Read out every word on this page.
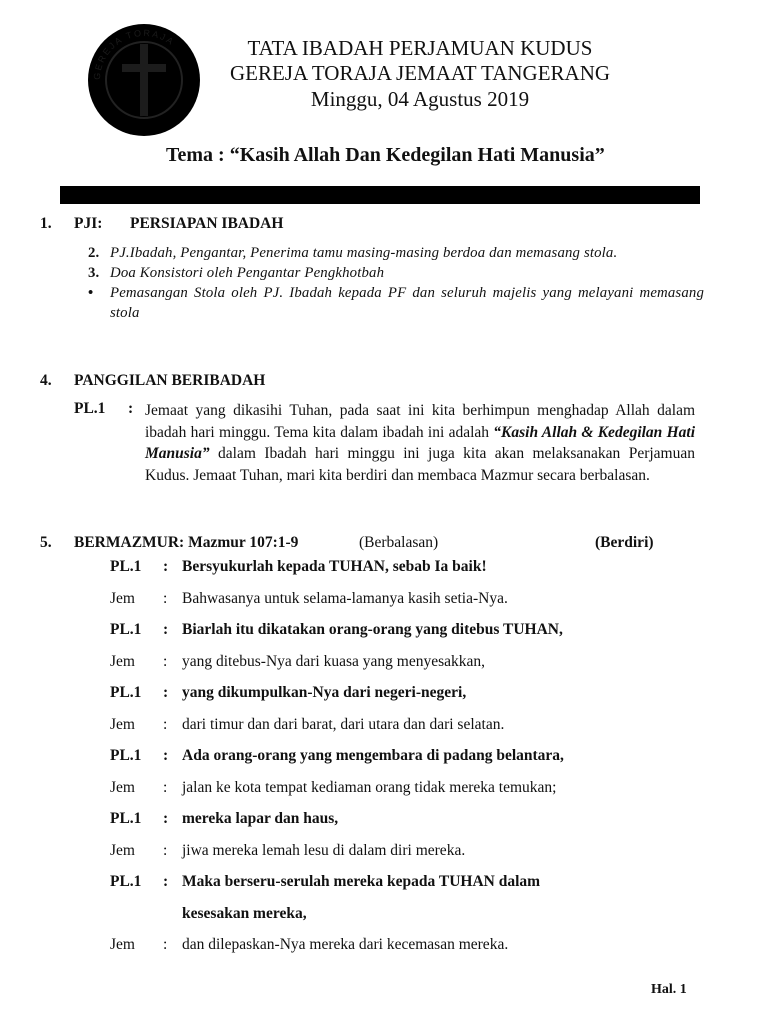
GEREJA TORAJA	TATA IBADAH PERJAMUAN KUDUS
GEREJA TORAJA JEMAAT TANGERANG
Minggu, 04 Agustus 2019
Tema : “Kasih Allah Dan Kedegilan Hati Manusia”
1. PJI: PERSIAPAN IBADAH
2. PJ.Ibadah, Pengantar, Penerima tamu masing-masing berdoa dan memasang stola.
3. Doa Konsistori oleh Pengantar Pengkhotbah
• Pemasangan Stola oleh PJ. Ibadah kepada PF dan seluruh majelis yang melayani memasang stola
4. PANGGILAN BERIBADAH
PL.1 : Jemaat yang dikasihi Tuhan, pada saat ini kita berhimpun menghadap Allah dalam ibadah hari minggu. Tema kita dalam ibadah ini adalah “Kasih Allah & Kedegilan Hati Manusia” dalam Ibadah hari minggu ini juga kita akan melaksanakan Perjamuan Kudus. Jemaat Tuhan, mari kita berdiri dan membaca Mazmur secara berbalasan.
5. BERMAZMUR: Mazmur 107:1-9	(Berbalasan)	(Berdiri)
PL.1 : Bersyukurlah kepada TUHAN, sebab Ia baik!
Jem : Bahwasanya untuk selama-lamanya kasih setia-Nya.
PL.1 : Biarlah itu dikatakan orang-orang yang ditebus TUHAN,
Jem : yang ditebus-Nya dari kuasa yang menyesakkan,
PL.1 : yang dikumpulkan-Nya dari negeri-negeri,
Jem : dari timur dan dari barat, dari utara dan dari selatan.
PL.1 : Ada orang-orang yang mengembara di padang belantara,
Jem : jalan ke kota tempat kediaman orang tidak mereka temukan;
PL.1 : mereka lapar dan haus,
Jem : jiwa mereka lemah lesu di dalam diri mereka.
PL.1 : Maka berseru-serulah mereka kepada TUHAN dalam
kesesakan mereka,
Jem : dan dilepaskan-Nya mereka dari kecemasan mereka.
Hal. 1
